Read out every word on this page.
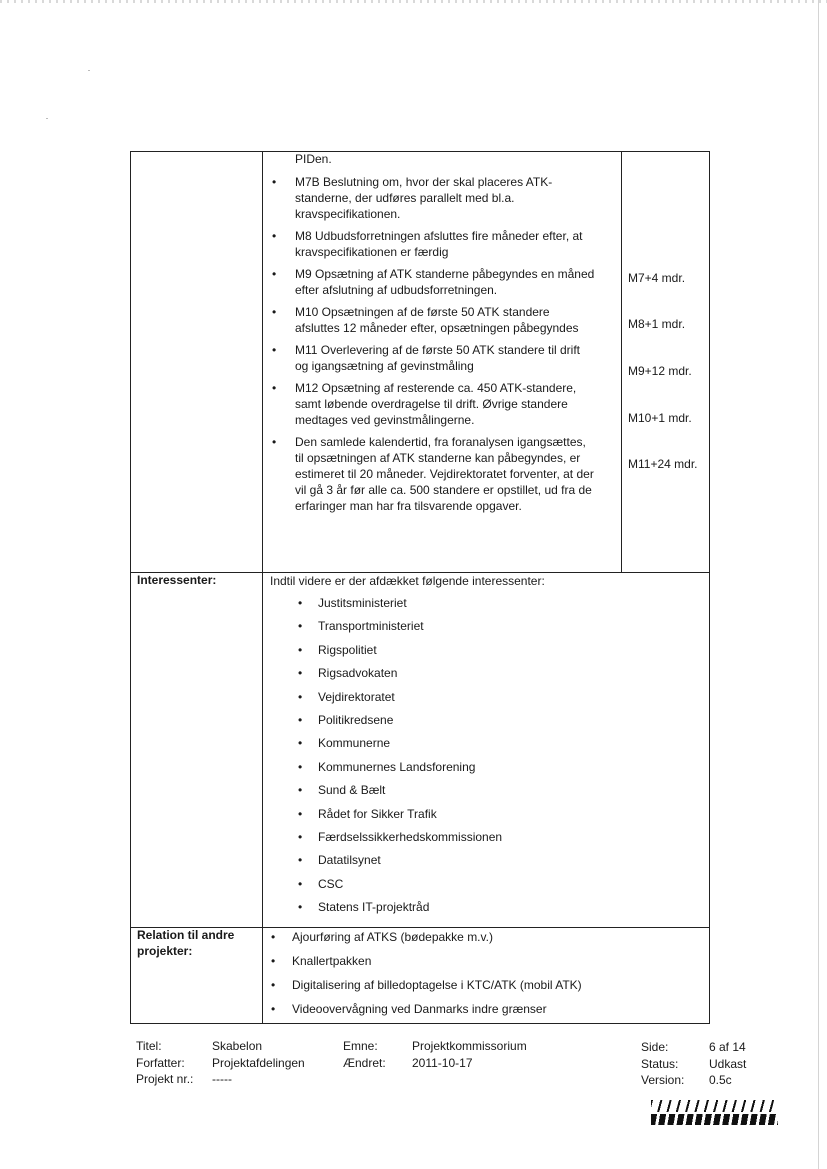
PIDen.
• M7B Beslutning om, hvor der skal placeres ATK-standerne, der udføres parallelt med bl.a. kravspecifikationen.
• M8 Udbudsforretningen afsluttes fire måneder efter, at kravspecifikationen er færdig
• M9 Opsætning af ATK standerne påbegyndes en måned efter afslutning af udbudsforretningen.
• M10 Opsætningen af de første 50 ATK standere afsluttes 12 måneder efter, opsætningen påbegyndes
• M11 Overlevering af de første 50 ATK standere til drift og igangsætning af gevinstmåling
• M12 Opsætning af resterende ca. 450 ATK-standere, samt løbende overdragelse til drift. Øvrige standere medtages ved gevinstmålingerne.
• Den samlede kalendertid, fra foranalysen igangsættes, til opsætningen af ATK standerne kan påbegyndes, er estimeret til 20 måneder. Vejdirektoratet forventer, at der vil gå 3 år før alle ca. 500 standere er opstillet, ud fra de erfaringer man har fra tilsvarende opgaver.
M7+4 mdr.
M8+1 mdr.
M9+12 mdr.
M10+1 mdr.
M11+24 mdr.
Interessenter:	Indtil videre er der afdækket følgende interessenter:
• Justitsministeriet
• Transportministeriet
• Rigspolitiet
• Rigsadvokaten
• Vejdirektoratet
• Politikredsene
• Kommunerne
• Kommunernes Landsforening
• Sund & Bælt
• Rådet for Sikker Trafik
• Færdselssikkerhedskommissionen
• Datatilsynet
• CSC
• Statens IT-projektråd
Relation til andre
projekter:
• Ajourføring af ATKS (bødepakke m.v.)
• Knallertpakken
• Digitalisering af billedoptagelse i KTC/ATK (mobil ATK)
• Videoovervågning ved Danmarks indre grænser
Titel:
Forfatter:
Projekt nr.:
Skabelon
Projektafdelingen
-----
Emne:
Ændret:
Projektkommissorium
2011-10-17
Side:
Status:
Version:
6 af 14
Udkast
0.5c
